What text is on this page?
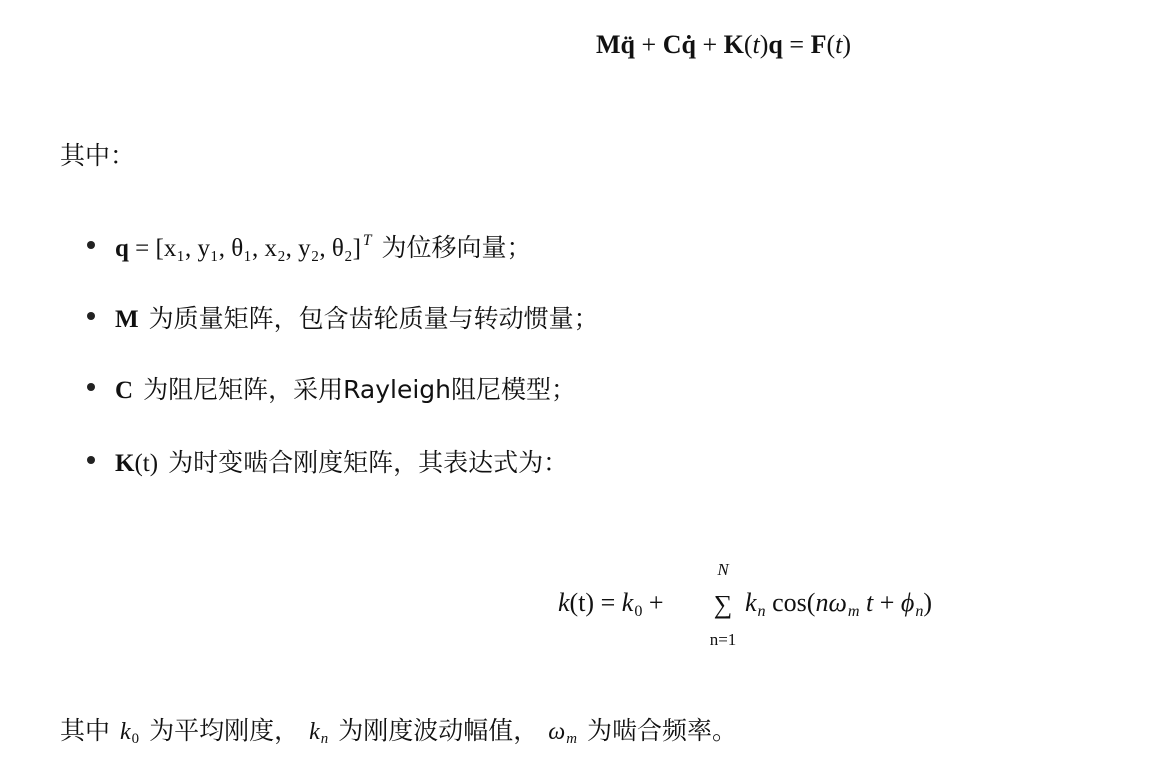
Mq̈ + Cq̇ + K(t)q = F(t)
其中：
q = [x₁, y₁, θ₁, x₂, y₂, θ₂] $^T$ 为位移向量；
M 为质量矩阵，包含齿轮质量与转动惯量；
C 为阻尼矩阵，采用Rayleigh阻尼模型；
K(t) 为时变啮合刚度矩阵，其表达式为：
k(t) = k0 +
N
∑
n=1
kn cos(nωm t + ϕn)
其中 k0 为平均刚度， kn 为刚度波动幅值， ωm 为啮合频率。
